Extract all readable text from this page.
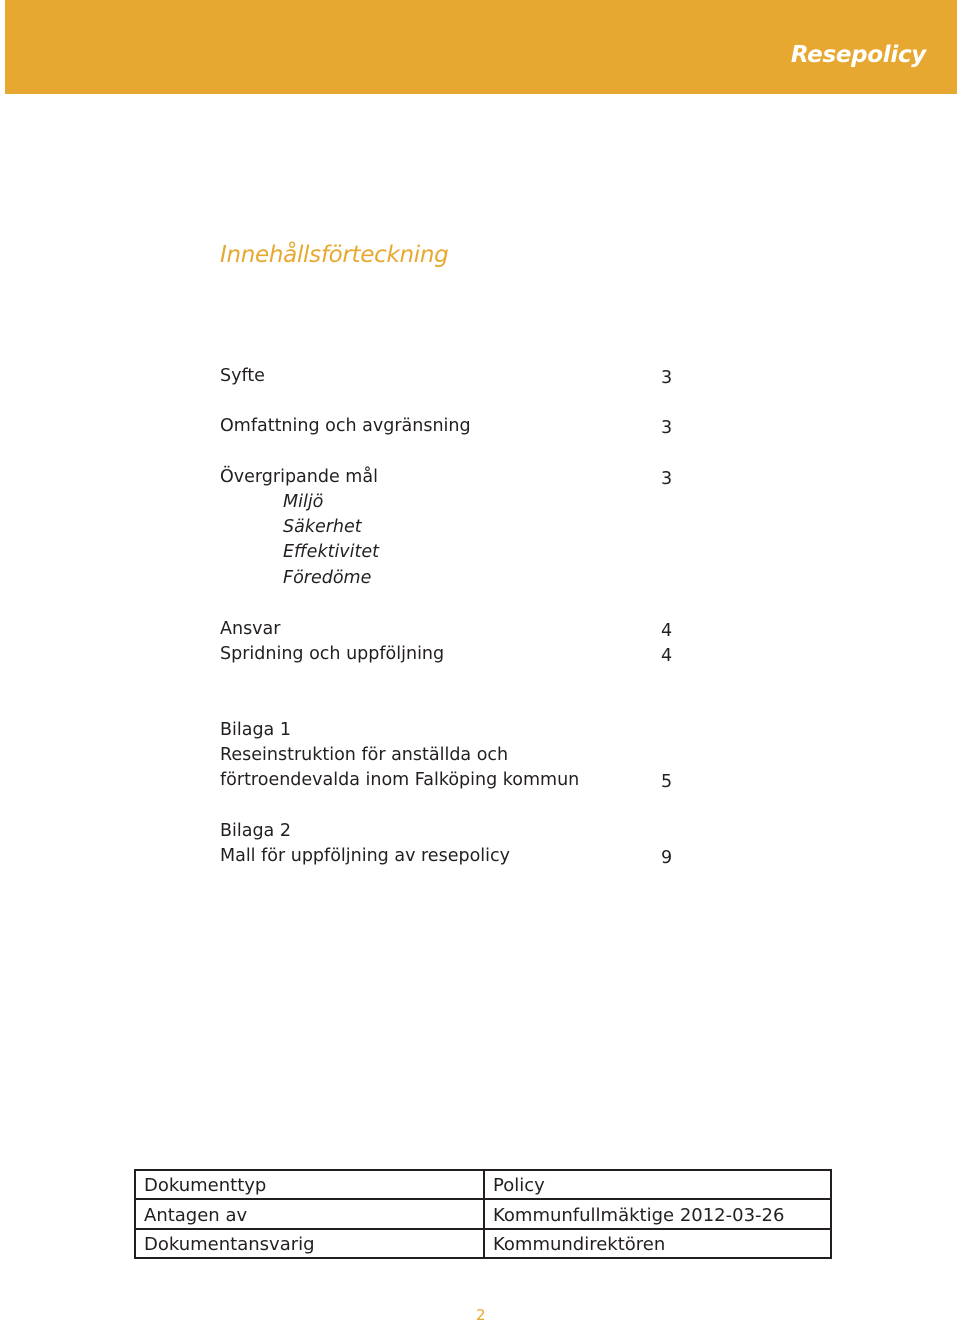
Resepolicy
Innehållsförteckning
Syfte	3
Omfattning och avgränsning	3
Övergripande mål	3
Miljö
Säkerhet
Effektivitet
Föredöme
Ansvar	4
Spridning och uppföljning	4
Bilaga 1
Reseinstruktion för anställda och
förtroendevalda inom Falköping kommun	5
Bilaga 2
Mall för uppföljning av resepolicy	9
Dokumenttyp	Policy
Antagen av	Kommunfullmäktige 2012-03-26
Dokumentansvarig	Kommundirektören
2
